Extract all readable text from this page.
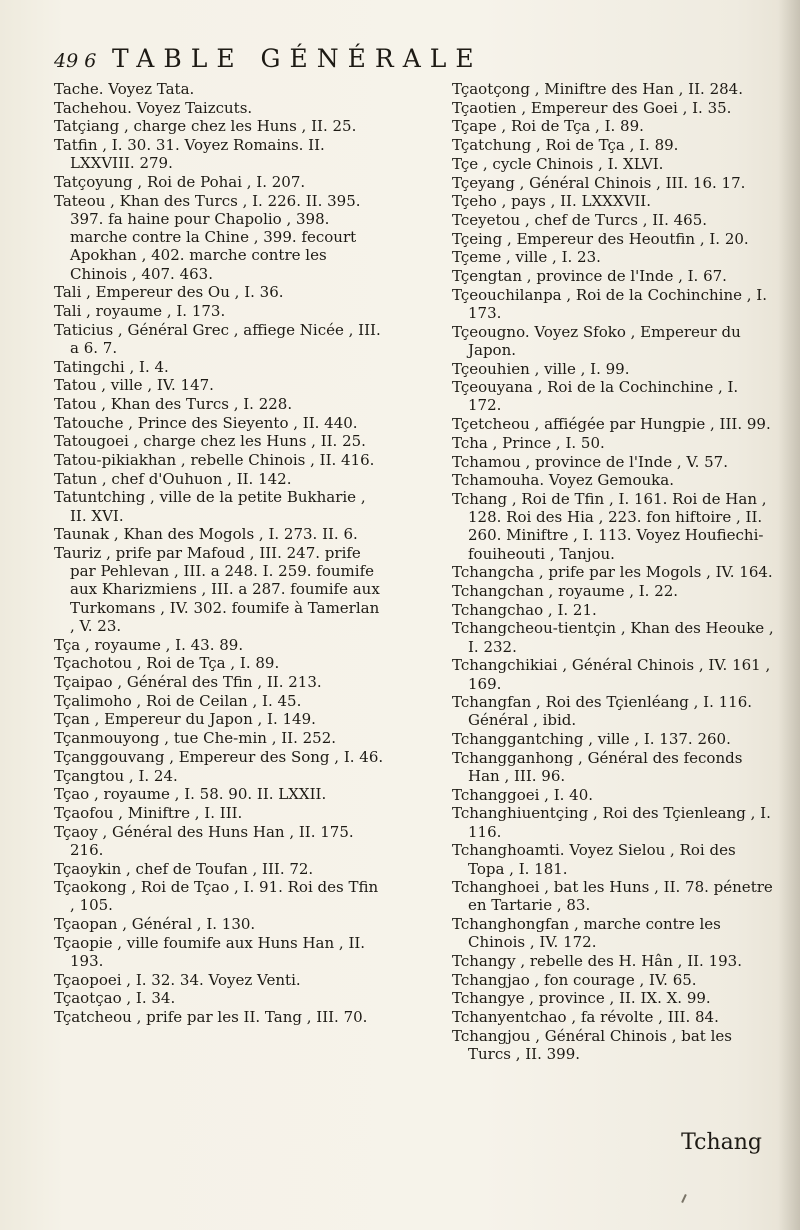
49 6 TABLE GÉNÉRALE

Tache. Voyez Tata.

Tachehou. Voyez Taizcuts.

Tatçiang , charge chez les Huns , II. 25.

Tatfin , I. 30. 31. Voyez Romains. II. LXXVIII. 279.

Tatçoyung , Roi de Pohai , I. 207.

Tateou , Khan des Turcs , I. 226. II. 395. 397. fa haine pour Chapolio , 398. marche contre la Chine , 399. fecourt Apokhan , 402. marche contre les Chinois , 407. 463.

Tali , Empereur des Ou , I. 36.

Tali , royaume , I. 173.

Taticius , Général Grec , affiege Nicée , III. a 6. 7.

Tatingchi , I. 4.

Tatou , ville , IV. 147.

Tatou , Khan des Turcs , I. 228.

Tatouche , Prince des Sieyento , II. 440.

Tatougoei , charge chez les Huns , II. 25.

Tatou-pikiakhan , rebelle Chinois , II. 416.

Tatun , chef d'Ouhuon , II. 142.

Tatuntching , ville de la petite Bukharie , II. XVI.

Taunak , Khan des Mogols , I. 273. II. 6.

Tauriz , prife par Mafoud , III. 247. prife par Pehlevan , III. a 248. I. 259. foumife aux Kharizmiens , III. a 287. foumife aux Turkomans , IV. 302. foumife à Tamerlan , V. 23.

Tça , royaume , I. 43. 89.

Tçachotou , Roi de Tça , I. 89.

Tçaipao , Général des Tfin , II. 213.

Tçalimoho , Roi de Ceilan , I. 45.

Tçan , Empereur du Japon , I. 149.

Tçanmouyong , tue Che-min , II. 252.

Tçanggouvang , Empereur des Song , I. 46.

Tçangtou , I. 24.

Tçao , royaume , I. 58. 90. II. LXXII.

Tçaofou , Miniftre , I. III.

Tçaoy , Général des Huns Han , II. 175. 216.

Tçaoykin , chef de Toufan , III. 72.

Tçaokong , Roi de Tçao , I. 91. Roi des Tfin , 105.

Tçaopan , Général , I. 130.

Tçaopie , ville foumife aux Huns Han , II. 193.

Tçaopoei , I. 32. 34. Voyez Venti.

Tçaotçao , I. 34.

Tçatcheou , prife par les II. Tang , III. 70.

Tçaotçong , Miniftre des Han , II. 284.

Tçaotien , Empereur des Goei , I. 35.

Tçape , Roi de Tça , I. 89.

Tçatchung , Roi de Tça , I. 89.

Tçe , cycle Chinois , I. XLVI.

Tçeyang , Général Chinois , III. 16. 17.

Tçeho , pays , II. LXXXVII.

Tceyetou , chef de Turcs , II. 465.

Tçeing , Empereur des Heoutfin , I. 20.

Tçeme , ville , I. 23.

Tçengtan , province de l'Inde , I. 67.

Tçeouchilanpa , Roi de la Cochinchine , I. 173.

Tçeougno. Voyez Sfoko , Empereur du Japon.

Tçeouhien , ville , I. 99.

Tçeouyana , Roi de la Cochinchine , I. 172.

Tçetcheou , affiégée par Hungpie , III. 99.

Tcha , Prince , I. 50.

Tchamou , province de l'Inde , V. 57.

Tchamouha. Voyez Gemouka.

Tchang , Roi de Tfin , I. 161. Roi de Han , 128. Roi des Hia , 223. fon hiftoire , II. 260. Miniftre , I. 113. Voyez Houfiechi-fouiheouti , Tanjou.

Tchangcha , prife par les Mogols , IV. 164.

Tchangchan , royaume , I. 22.

Tchangchao , I. 21.

Tchangcheou-tientçin , Khan des Heouke , I. 232.

Tchangchikiai , Général Chinois , IV. 161 , 169.

Tchangfan , Roi des Tçienléang , I. 116. Général , ibid.

Tchanggantching , ville , I. 137. 260.

Tchangganhong , Général des feconds Han , III. 96.

Tchanggoei , I. 40.

Tchanghiuentçing , Roi des Tçienleang , I. 116.

Tchanghoamti. Voyez Sielou , Roi des Topa , I. 181.

Tchanghoei , bat les Huns , II. 78. pénetre en Tartarie , 83.

Tchanghongfan , marche contre les Chinois , IV. 172.

Tchangy , rebelle des H. Hân , II. 193.

Tchangjao , fon courage , IV. 65.

Tchangye , province , II. IX. X. 99.

Tchanyentchao , fa révolte , III. 84.

Tchangjou , Général Chinois , bat les Turcs , II. 399.

Tchang
